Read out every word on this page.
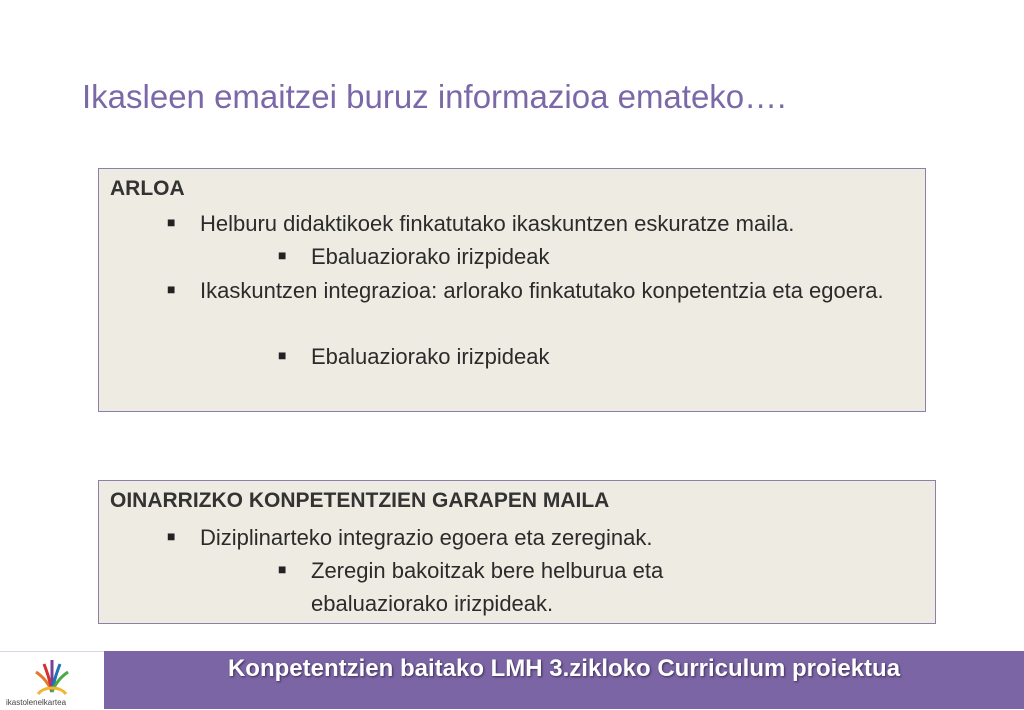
Ikasleen emaitzei buruz informazioa emateko….
ARLOA
■ Helburu didaktikoek finkatutako ikaskuntzen eskuratze maila.
■ Ebaluaziorako irizpideak
■ Ikaskuntzen integrazioa: arlorako finkatutako konpetentzia eta egoera.
■ Ebaluaziorako irizpideak
OINARRIZKO KONPETENTZIEN GARAPEN MAILA
■ Diziplinarteko integrazio egoera eta zereginak.
■ Zeregin bakoitzak bere helburua eta ebaluaziorako irizpideak.
ikastolenelkartea
Konpetentzien baitako LMH 3.zikloko Curriculum proiektua
